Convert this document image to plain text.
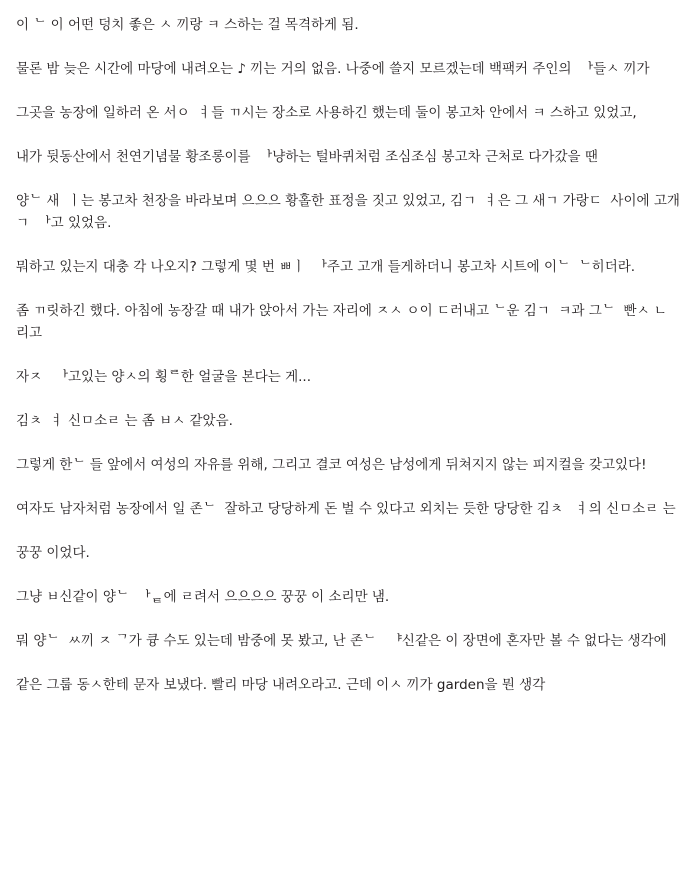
이 ᄂ 이 어떤 덩치 좋은 ㅅ 끼랑 ㅋ 스하는 걸 목격하게 됨.

물론 밤 늦은 시간에 마당에 내려오는 ♪ 끼는 거의 없음. 나중에 쓸지 모르겠는데 백팩커 주인의  ᅡ들ㅅ 끼가

그곳을 농장에 일하러 온 서ㅇ  ㅕ들 ㄲ시는 장소로 사용하긴 했는데 둘이 봉고차 안에서 ㅋ 스하고 있었고,

내가 뒷동산에서 천연기념물 황조롱이를  ᅡ냥하는 털바퀴처럼 조심조심 봉고차 근처로 다가갔을 땐

양ᄂ 새  ㅣ는 봉고차 천장을 바라보며 으으으 황홀한 표정을 짓고 있었고, 김ㄱ  ㅕ은 그 새ㄱ 가랑ㄷ  사이에 고개 ㄱ  ᅡ고 있었음.

뭐하고 있는지 대충 각 나오지? 그렇게 몇 번 ㅃㅣ  ᅡ주고 고개 들게하더니 봉고차 시트에 이ᄂ  ᄂ히더라.

좀 ㄲ릿하긴 했다. 아침에 농장갈 때 내가 앉아서 가는 자리에 ㅈㅅ ㅇ이 ㄷ러내고 ᄂ운 김ㄱ  ㅋ과 그ᄂ  빤ㅅ ㄴ 리고

자ㅈ   ᅡ고있는 양ㅅ의 횡ᄅ한 얼굴을 본다는 게...

김ㅊ  ㅕ 신ㅁ소ㄹ 는 좀 ㅂㅅ 같았음.

그렇게 한ᄂ 들 앞에서 여성의 자유를 위해, 그리고 결코 여성은 남성에게 뒤쳐지지 않는 피지컬을 갖고있다!

여자도 남자처럼 농장에서 일 존ᄂ  잘하고 당당하게 돈 벌 수 있다고 외치는 듯한 당당한 김ㅊ   ㅕ의 신ㅁ소ㄹ 는

꿍꿍 이었다.

그냥 ㅂ신같이 양ᄂ  ᅡᇀ에 ㄹ려서 으으으으 꿍꿍 이 소리만 냄.

뭐 양ᄂ  ㅆ끼 ㅈ ᄀ가 큥 수도 있는데 밤중에 못 봤고, 난 존ᄂ   ᅣ신같은 이 장면에 혼자만 볼 수 없다는 생각에

같은 그룹 동ㅅ한테 문자 보냈다. 빨리 마당 내려오라고. 근데 이ㅅ 끼가 garden을 뭔 생각
